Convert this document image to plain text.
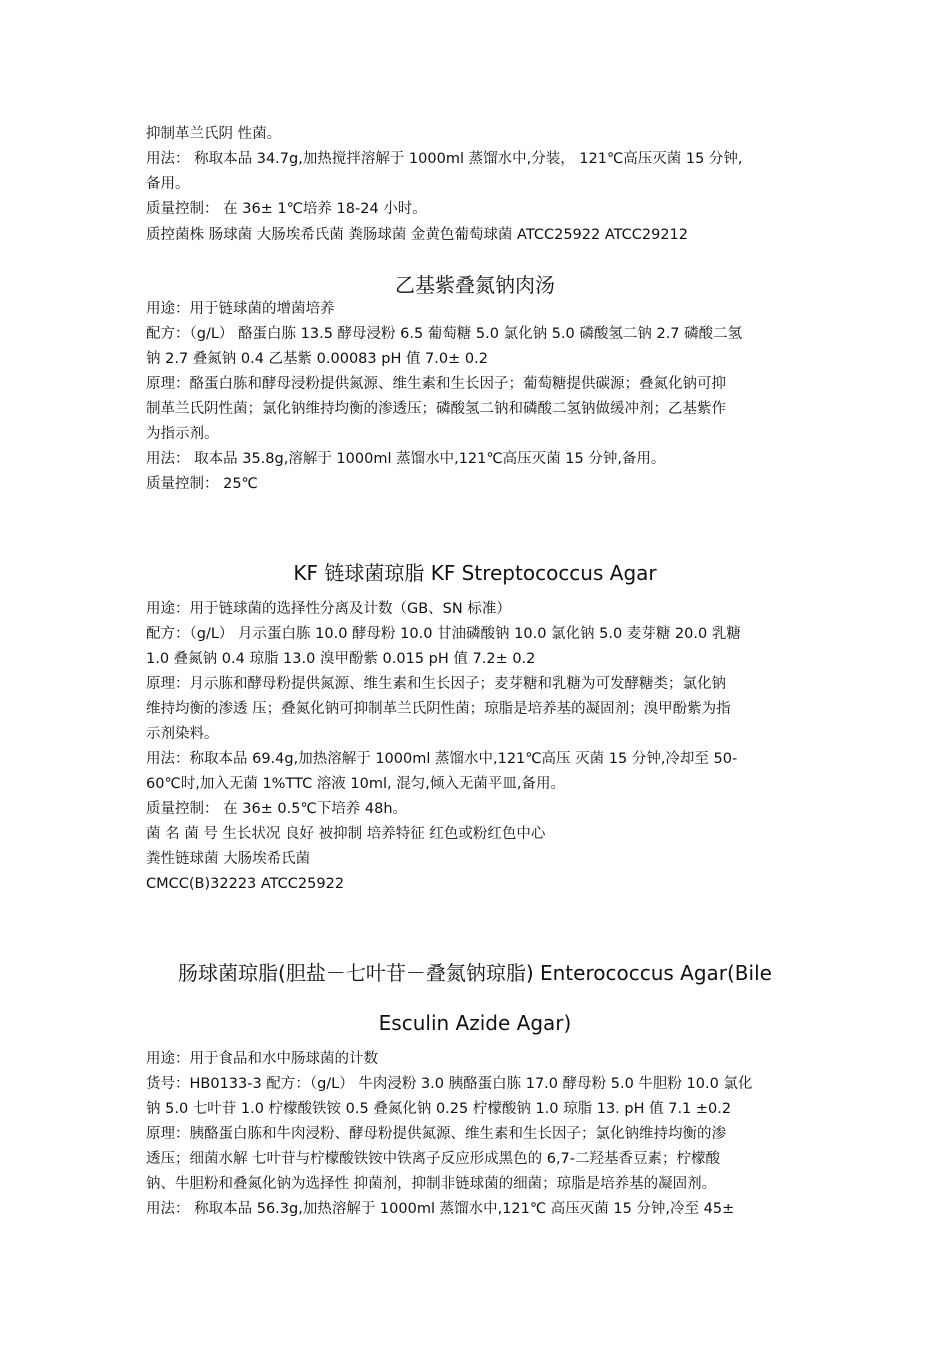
抑制革兰氏阴 性菌。
用法： 称取本品 34.7g,加热搅拌溶解于 1000ml 蒸馏水中,分装， 121℃高压灭菌 15 分钟,
备用。
质量控制： 在 36± 1℃培养 18-24 小时。
质控菌株 肠球菌 大肠埃希氏菌 粪肠球菌 金黄色葡萄球菌 ATCC25922 ATCC29212
乙基紫叠氮钠肉汤
用途：用于链球菌的增菌培养
配方：（g/L） 酪蛋白胨 13.5 酵母浸粉 6.5 葡萄糖 5.0 氯化钠 5.0 磷酸氢二钠 2.7 磷酸二氢
钠 2.7 叠氮钠 0.4 乙基紫 0.00083 pH 值 7.0± 0.2
原理：酪蛋白胨和酵母浸粉提供氮源、维生素和生长因子；葡萄糖提供碳源；叠氮化钠可抑
制革兰氏阴性菌；氯化钠维持均衡的渗透压；磷酸氢二钠和磷酸二氢钠做缓冲剂；乙基紫作
为指示剂。
用法： 取本品 35.8g,溶解于 1000ml 蒸馏水中,121℃高压灭菌 15 分钟,备用。
质量控制： 25℃
KF 链球菌琼脂 KF Streptococcus Agar
用途：用于链球菌的选择性分离及计数（GB、SN 标准）
配方：（g/L） 月示蛋白胨 10.0 酵母粉 10.0 甘油磷酸钠 10.0 氯化钠 5.0 麦芽糖 20.0 乳糖
1.0 叠氮钠 0.4 琼脂 13.0 溴甲酚紫 0.015 pH 值 7.2± 0.2
原理：月示胨和酵母粉提供氮源、维生素和生长因子；麦芽糖和乳糖为可发酵糖类；氯化钠
维持均衡的渗透 压；叠氮化钠可抑制革兰氏阴性菌；琼脂是培养基的凝固剂；溴甲酚紫为指
示剂染料。
用法：称取本品 69.4g,加热溶解于 1000ml 蒸馏水中,121℃高压 灭菌 15 分钟,冷却至 50-
60℃时,加入无菌 1%TTC 溶液 10ml, 混匀,倾入无菌平皿,备用。
质量控制： 在 36± 0.5℃下培养 48h。
菌 名 菌 号 生长状况 良好 被抑制 培养特征 红色或粉红色中心
粪性链球菌 大肠埃希氏菌
CMCC(B)32223 ATCC25922
肠球菌琼脂(胆盐－七叶苷－叠氮钠琼脂) Enterococcus Agar(Bile
Esculin Azide Agar)
用途：用于食品和水中肠球菌的计数
货号：HB0133-3 配方：（g/L） 牛肉浸粉 3.0 胰酪蛋白胨 17.0 酵母粉 5.0 牛胆粉 10.0 氯化
钠 5.0 七叶苷 1.0 柠檬酸铁铵 0.5 叠氮化钠 0.25 柠檬酸钠 1.0 琼脂 13. pH 值 7.1 ±0.2
原理：胰酪蛋白胨和牛肉浸粉、酵母粉提供氮源、维生素和生长因子；氯化钠维持均衡的渗
透压；细菌水解 七叶苷与柠檬酸铁铵中铁离子反应形成黑色的 6,7-二羟基香豆素；柠檬酸
钠、牛胆粉和叠氮化钠为选择性 抑菌剂，抑制非链球菌的细菌；琼脂是培养基的凝固剂。
用法： 称取本品 56.3g,加热溶解于 1000ml 蒸馏水中,121℃ 高压灭菌 15 分钟,冷至 45±
